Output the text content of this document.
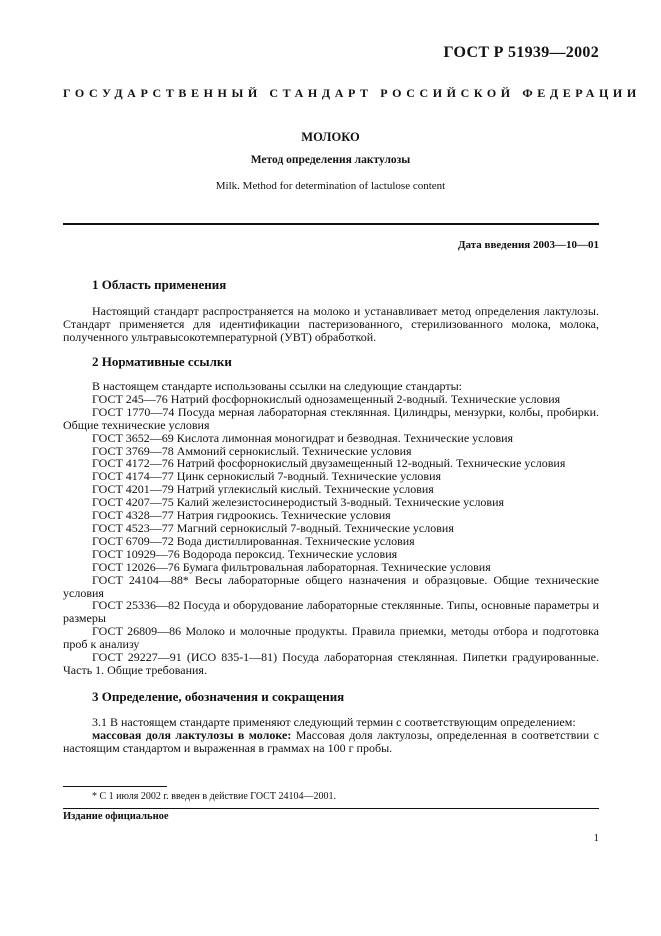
ГОСТ Р 51939—2002
ГОСУДАРСТВЕННЫЙ СТАНДАРТ РОССИЙСКОЙ ФЕДЕРАЦИИ
МОЛОКО
Метод определения лактулозы
Milk. Method for determination of lactulose content
Дата введения 2003—10—01
1 Область применения
Настоящий стандарт распространяется на молоко и устанавливает метод определения лактулозы. Стандарт применяется для идентификации пастеризованного, стерилизованного молока, молока, полученного ультравысокотемпературной (УВТ) обработкой.
2 Нормативные ссылки
В настоящем стандарте использованы ссылки на следующие стандарты:
ГОСТ 245—76 Натрий фосфорнокислый однозамещенный 2-водный. Технические условия
ГОСТ 1770—74 Посуда мерная лабораторная стеклянная. Цилиндры, мензурки, колбы, пробирки. Общие технические условия
ГОСТ 3652—69 Кислота лимонная моногидрат и безводная. Технические условия
ГОСТ 3769—78 Аммоний сернокислый. Технические условия
ГОСТ 4172—76 Натрий фосфорнокислый двузамещенный 12-водный. Технические условия
ГОСТ 4174—77 Цинк сернокислый 7-водный. Технические условия
ГОСТ 4201—79 Натрий углекислый кислый. Технические условия
ГОСТ 4207—75 Калий железистосинеродистый 3-водный. Технические условия
ГОСТ 4328—77 Натрия гидроокись. Технические условия
ГОСТ 4523—77 Магний сернокислый 7-водный. Технические условия
ГОСТ 6709—72 Вода дистиллированная. Технические условия
ГОСТ 10929—76 Водорода пероксид. Технические условия
ГОСТ 12026—76 Бумага фильтровальная лабораторная. Технические условия
ГОСТ 24104—88* Весы лабораторные общего назначения и образцовые. Общие технические условия
ГОСТ 25336—82 Посуда и оборудование лабораторные стеклянные. Типы, основные параметры и размеры
ГОСТ 26809—86 Молоко и молочные продукты. Правила приемки, методы отбора и подготовка проб к анализу
ГОСТ 29227—91 (ИСО 835-1—81) Посуда лабораторная стеклянная. Пипетки градуированные. Часть 1. Общие требования.
3 Определение, обозначения и сокращения
3.1 В настоящем стандарте применяют следующий термин с соответствующим определением:
массовая доля лактулозы в молоке: Массовая доля лактулозы, определенная в соответствии с настоящим стандартом и выраженная в граммах на 100 г пробы.
* С 1 июля 2002 г. введен в действие ГОСТ 24104—2001.
Издание официальное
1
